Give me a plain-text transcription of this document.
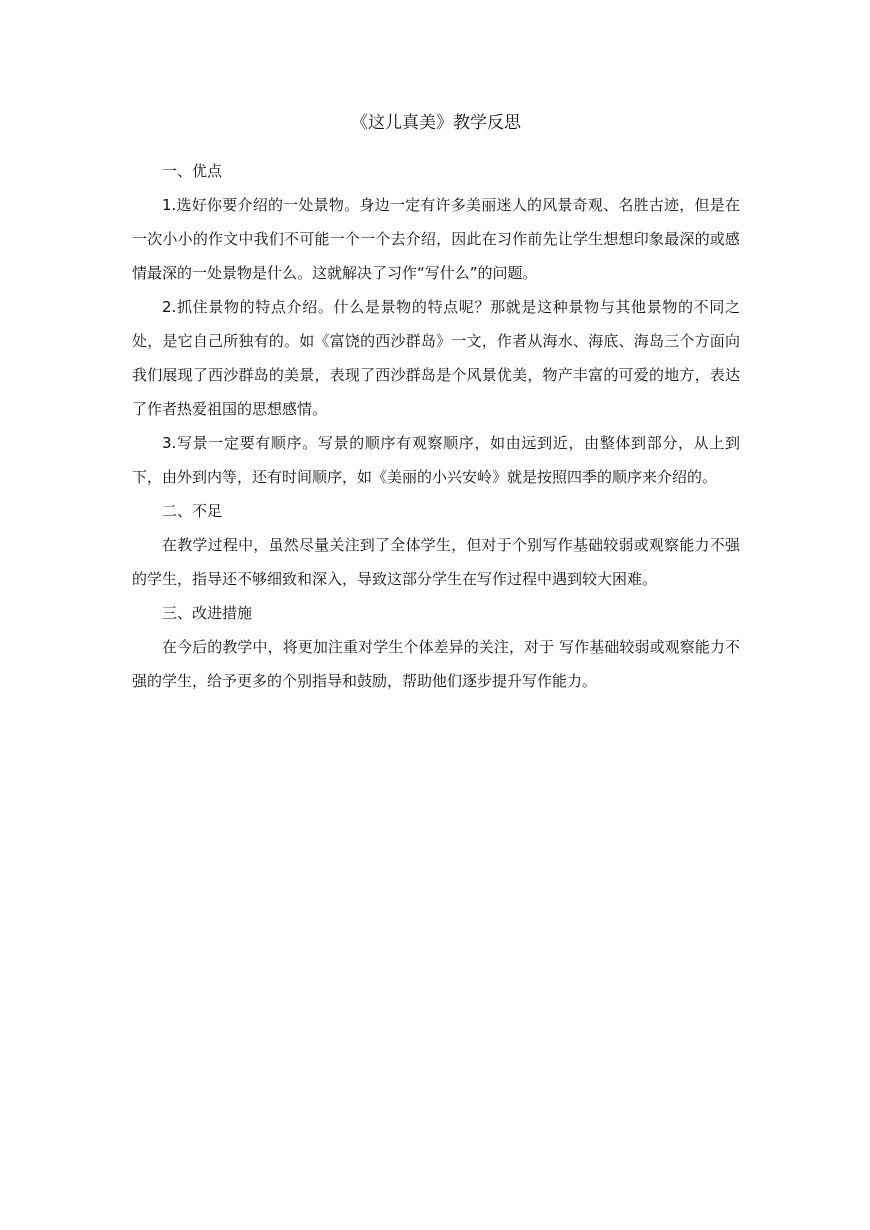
《这儿真美》教学反思

一、优点

1.选好你要介绍的一处景物。身边一定有许多美丽迷人的风景奇观、名胜古迹，但是在一次小小的作文中我们不可能一个一个去介绍，因此在习作前先让学生想想印象最深的或感情最深的一处景物是什么。这就解决了习作“写什么”的问题。

2.抓住景物的特点介绍。什么是景物的特点呢？那就是这种景物与其他景物的不同之处，是它自己所独有的。如《富饶的西沙群岛》一文，作者从海水、海底、海岛三个方面向我们展现了西沙群岛的美景，表现了西沙群岛是个风景优美，物产丰富的可爱的地方，表达了作者热爱祖国的思想感情。

3.写景一定要有顺序。写景的顺序有观察顺序，如由远到近，由整体到部分，从上到下，由外到内等，还有时间顺序，如《美丽的小兴安岭》就是按照四季的顺序来介绍的。

二、不足

在教学过程中，虽然尽量关注到了全体学生，但对于个别写作基础较弱或观察能力不强的学生，指导还不够细致和深入，导致这部分学生在写作过程中遇到较大困难。

三、改进措施

在今后的教学中，将更加注重对学生个体差异的关注，对于 写作基础较弱或观察能力不强的学生，给予更多的个别指导和鼓励，帮助他们逐步提升写作能力。
